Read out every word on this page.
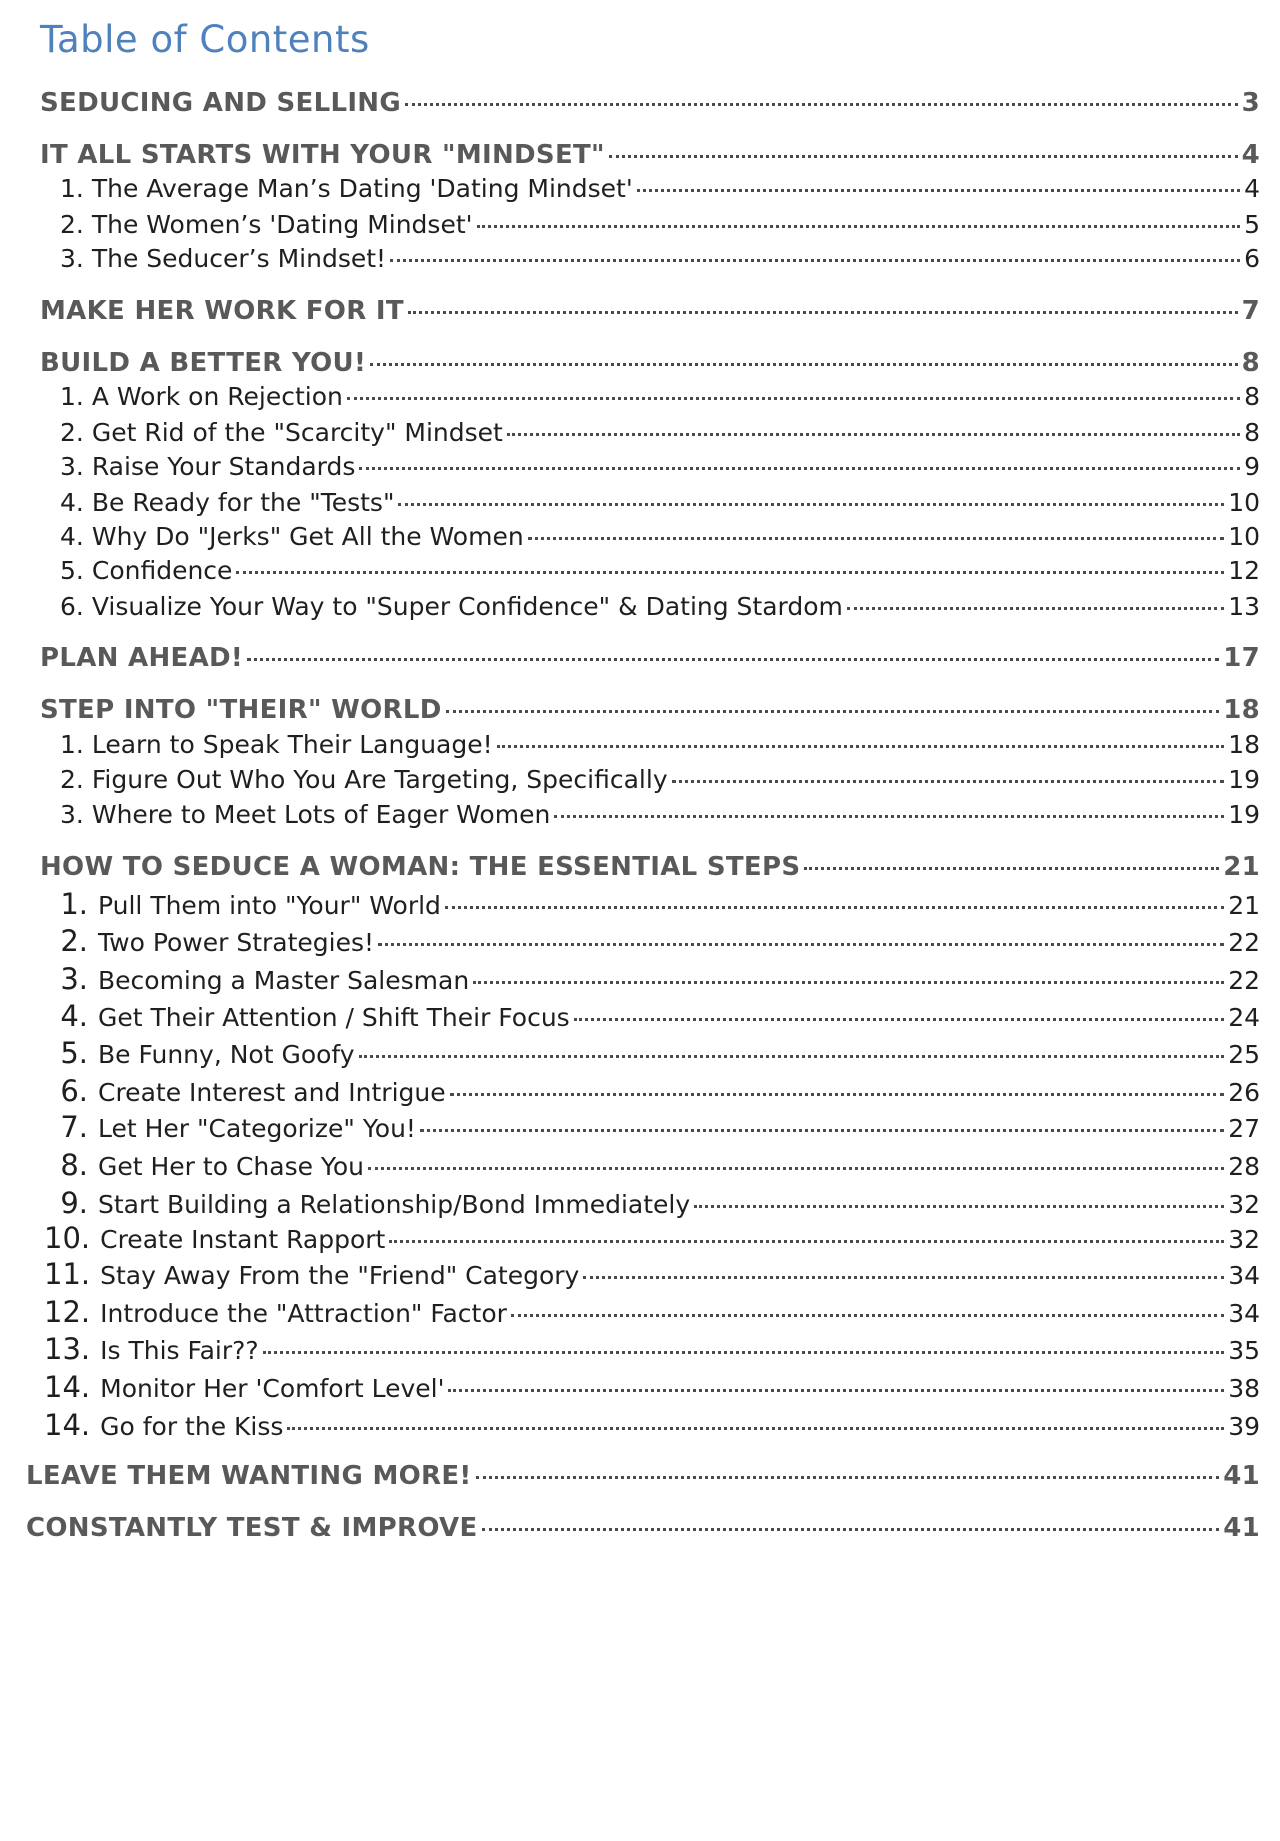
Table of Contents
SEDUCING AND SELLING	3
IT ALL STARTS WITH YOUR "MINDSET"	4
1. The Average Man’s Dating 'Dating Mindset'	4
2. The Women’s 'Dating Mindset'	5
3. The Seducer’s Mindset!	6
MAKE HER WORK FOR IT	7
BUILD A BETTER YOU!	8
1. A Work on Rejection	8
2. Get Rid of the "Scarcity" Mindset	8
3. Raise Your Standards	9
4. Be Ready for the "Tests"	10
4. Why Do "Jerks" Get All the Women	10
5. Confidence	12
6. Visualize Your Way to "Super Confidence" & Dating Stardom	13
PLAN AHEAD!	17
STEP INTO "THEIR" WORLD	18
1. Learn to Speak Their Language!	18
2. Figure Out Who You Are Targeting, Specifically	19
3. Where to Meet Lots of Eager Women	19
HOW TO SEDUCE A WOMAN: THE ESSENTIAL STEPS	21
1. Pull Them into "Your" World	21
2. Two Power Strategies!	22
3. Becoming a Master Salesman	22
4. Get Their Attention / Shift Their Focus	24
5. Be Funny, Not Goofy	25
6. Create Interest and Intrigue	26
7. Let Her "Categorize" You!	27
8. Get Her to Chase You	28
9. Start Building a Relationship/Bond Immediately	32
10. Create Instant Rapport	32
11. Stay Away From the "Friend" Category	34
12. Introduce the "Attraction" Factor	34
13. Is This Fair??	35
14. Monitor Her 'Comfort Level'	38
14. Go for the Kiss	39
LEAVE THEM WANTING MORE!	41
CONSTANTLY TEST & IMPROVE	41
